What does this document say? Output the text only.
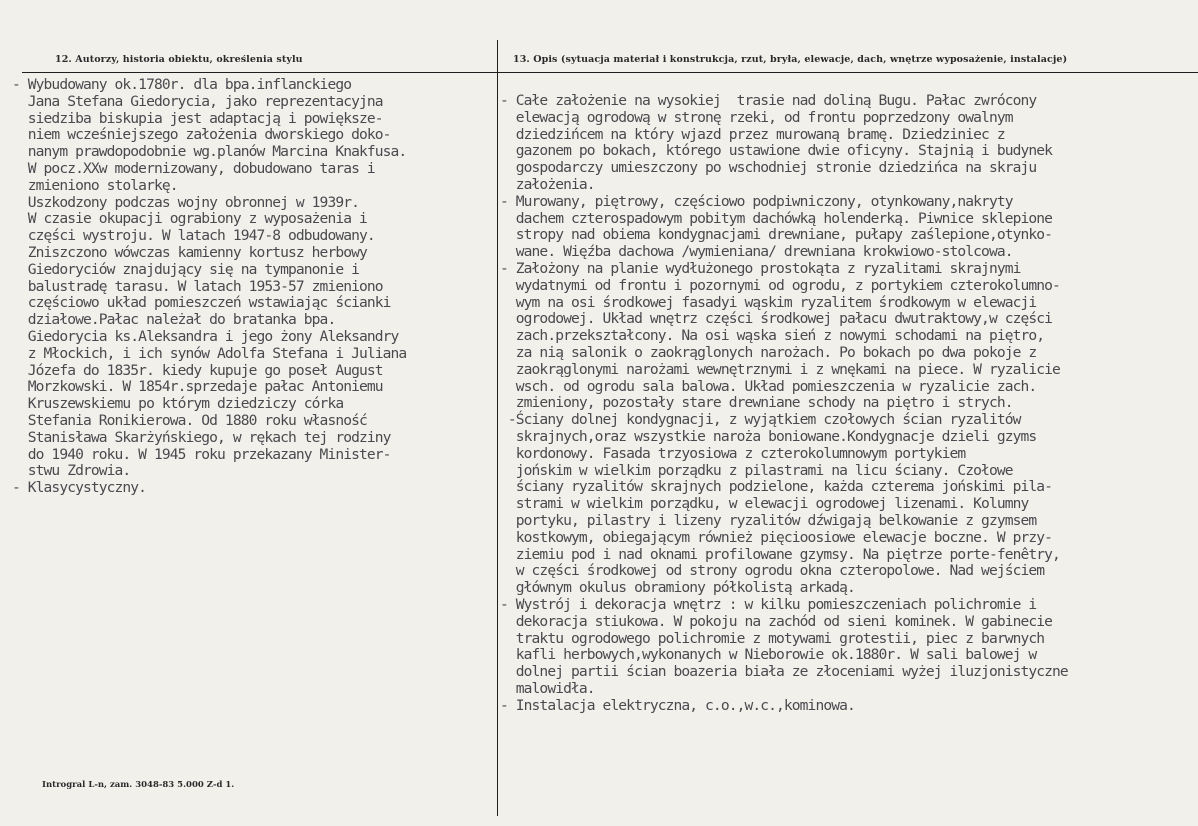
12. Autorzy, historia obiektu, określenia stylu	13. Opis (sytuacja materiał i konstrukcja, rzut, bryła, elewacje, dach, wnętrze wyposażenie, instalacje)
- Wybudowany ok.1780r. dla bpa.inflanckiego
Jana Stefana Giedorycia, jako reprezentacyjna
siedziba biskupia jest adaptacją i powiększe-
niem wcześniejszego założenia dworskiego doko-
nanym prawdopodobnie wg.planów Marcina Knakfusa.
W pocz.XXw modernizowany, dobudowano taras i
zmieniono stolarkę.
Uszkodzony podczas wojny obronnej w 1939r.
W czasie okupacji ograbiony z wyposażenia i
części wystroju. W latach 1947-8 odbudowany.
Zniszczono wówczas kamienny kortusz herbowy
Giedoryciów znajdujący się na tympanonie i
balustradę tarasu. W latach 1953-57 zmieniono
częściowo układ pomieszczeń wstawiając ścianki
działowe.Pałac należał do bratanka bpa.
Giedorycia ks.Aleksandra i jego żony Aleksandry
z Młockich, i ich synów Adolfa Stefana i Juliana
Józefa do 1835r. kiedy kupuje go poseł August
Morzkowski. W 1854r.sprzedaje pałac Antoniemu
Kruszewskiemu po którym dziedziczy córka
Stefania Ronikierowa. Od 1880 roku własność
Stanisława Skarżyńskiego, w rękach tej rodziny
do 1940 roku. W 1945 roku przekazany Minister-
stwu Zdrowia.
- Klasycystyczny.
- Całe założenie na wysokiej  trasie nad doliną Bugu. Pałac zwrócony
elewacją ogrodową w stronę rzeki, od frontu poprzedzony owalnym
dziedzińcem na który wjazd przez murowaną bramę. Dziedziniec z
gazonem po bokach, którego ustawione dwie oficyny. Stajnią i budynek
gospodarczy umieszczony po wschodniej stronie dziedzińca na skraju
założenia.
- Murowany, piętrowy, częściowo podpiwniczony, otynkowany,nakryty
dachem czterospadowym pobitym dachówką holenderką. Piwnice sklepione
stropy nad obiema kondygnacjami drewniane, pułapy zaślepione,otynko-
wane. Więźba dachowa /wymieniana/ drewniana krokwiowo-stolcowa.
- Założony na planie wydłużonego prostokąta z ryzalitami skrajnymi
wydatnymi od frontu i pozornymi od ogrodu, z portykiem czterokolumno-
wym na osi środkowej fasadyi wąskim ryzalitem środkowym w elewacji
ogrodowej. Układ wnętrz części środkowej pałacu dwutraktowy,w części
zach.przekształcony. Na osi wąska sień z nowymi schodami na piętro,
za nią salonik o zaokrąglonych narożach. Po bokach po dwa pokoje z
zaokrąglonymi narożami wewnętrznymi i z wnękami na piece. W ryzalicie
wsch. od ogrodu sala balowa. Układ pomieszczenia w ryzalicie zach.
zmieniony, pozostały stare drewniane schody na piętro i strych.
-Ściany dolnej kondygnacji, z wyjątkiem czołowych ścian ryzalitów
skrajnych,oraz wszystkie naroża boniowane.Kondygnacje dzieli gzyms
kordonowy. Fasada trzyosiowa z czterokolumnowym portykiem
jońskim w wielkim porządku z pilastrami na licu ściany. Czołowe
ściany ryzalitów skrajnych podzielone, każda czterema jońskimi pila-
strami w wielkim porządku, w elewacji ogrodowej lizenami. Kolumny
portyku, pilastry i lizeny ryzalitów dźwigają belkowanie z gzymsem
kostkowym, obiegającym również pięcioosiowe elewacje boczne. W przy-
ziemiu pod i nad oknami profilowane gzymsy. Na piętrze porte-fenêtry,
w części środkowej od strony ogrodu okna czteropolowe. Nad wejściem
głównym okulus obramiony półkolistą arkadą.
- Wystrój i dekoracja wnętrz : w kilku pomieszczeniach polichromie i
dekoracja stiukowa. W pokoju na zachód od sieni kominek. W gabinecie
traktu ogrodowego polichromie z motywami grotestii, piec z barwnych
kafli herbowych,wykonanych w Nieborowie ok.1880r. W sali balowej w
dolnej partii ścian boazeria biała ze złoceniami wyżej iluzjonistyczne
malowidła.
- Instalacja elektryczna, c.o.,w.c.,kominowa.
Introgral L-n, zam. 3048-83 5.000 Z-d 1.
